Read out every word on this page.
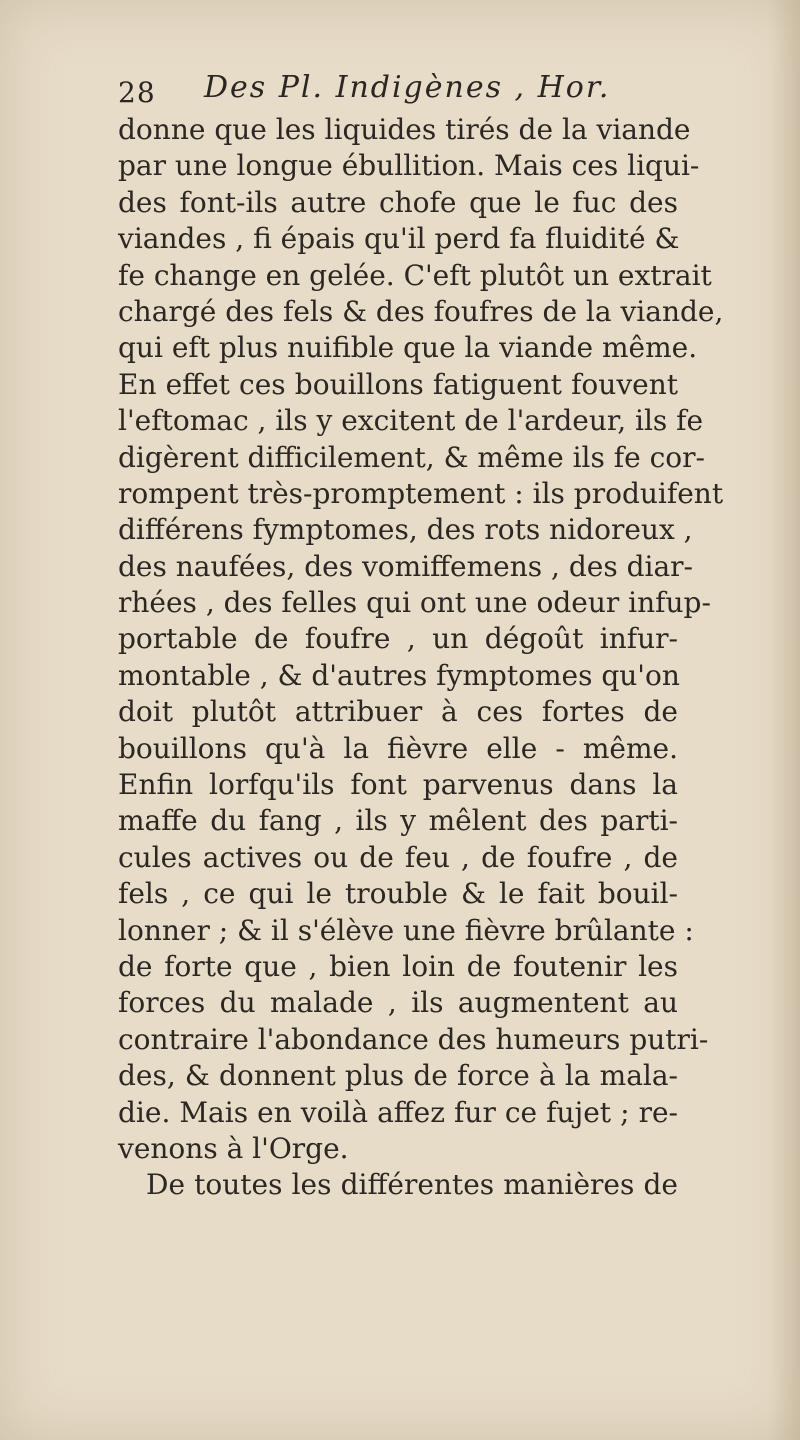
28 Des Pl. Indigènes , Hor.
donne que les liquides tirés de la viande
par une longue ébullition. Mais ces liqui-
des font-ils autre chofe que le fuc des
viandes , fi épais qu'il perd fa fluidité &
fe change en gelée. C'eft plutôt un extrait
chargé des fels & des foufres de la viande,
qui eft plus nuifible que la viande même.
En effet ces bouillons fatiguent fouvent
l'eftomac , ils y excitent de l'ardeur, ils fe
digèrent difficilement, & même ils fe cor-
rompent très-promptement : ils produifent
différens fymptomes, des rots nidoreux ,
des naufées, des vomiffemens , des diar-
rhées , des felles qui ont une odeur infup-
portable de foufre , un dégoût infur-
montable , & d'autres fymptomes qu'on
doit plutôt attribuer à ces fortes de
bouillons qu'à la fièvre elle - même.
Enfin lorfqu'ils font parvenus dans la
maffe du fang , ils y mêlent des parti-
cules actives ou de feu , de foufre , de
fels , ce qui le trouble & le fait bouil-
lonner ; & il s'élève une fièvre brûlante :
de forte que , bien loin de foutenir les
forces du malade , ils augmentent au
contraire l'abondance des humeurs putri-
des, & donnent plus de force à la mala-
die. Mais en voilà affez fur ce fujet ; re-
venons à l'Orge.
De toutes les différentes manières de
